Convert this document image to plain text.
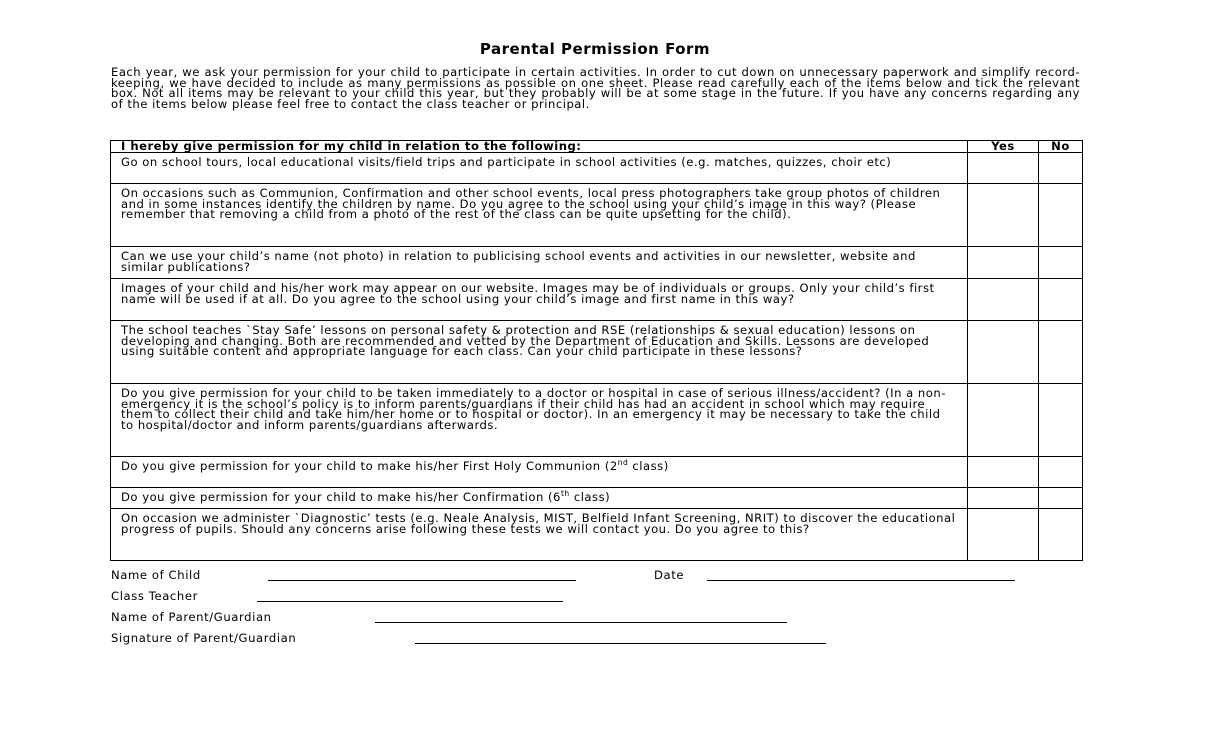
Parental Permission Form
Each year, we ask your permission for your child to participate in certain activities. In order to cut down on unnecessary paperwork and simplify record-keeping, we have decided to include as many permissions as possible on one sheet. Please read carefully each of the items below and tick the relevant box. Not all items may be relevant to your child this year, but they probably will be at some stage in the future. If you have any concerns regarding any of the items below please feel free to contact the class teacher or principal.
I hereby give permission for my child in relation to the following:	Yes	No
Go on school tours, local educational visits/field trips and participate in school activities (e.g. matches, quizzes, choir etc)		
On occasions such as Communion, Confirmation and other school events, local press photographers take group photos of children and in some instances identify the children by name. Do you agree to the school using your child’s image in this way? (Please remember that removing a child from a photo of the rest of the class can be quite upsetting for the child).		
Can we use your child’s name (not photo) in relation to publicising school events and activities in our newsletter, website and similar publications?		
Images of your child and his/her work may appear on our website. Images may be of individuals or groups. Only your child’s first name will be used if at all. Do you agree to the school using your child’s image and first name in this way?		
The school teaches `Stay Safe’ lessons on personal safety & protection and RSE (relationships & sexual education) lessons on developing and changing. Both are recommended and vetted by the Department of Education and Skills. Lessons are developed using suitable content and appropriate language for each class. Can your child participate in these lessons?		
Do you give permission for your child to be taken immediately to a doctor or hospital in case of serious illness/accident? (In a non-emergency it is the school’s policy is to inform parents/guardians if their child has had an accident in school which may require them to collect their child and take him/her home or to hospital or doctor). In an emergency it may be necessary to take the child to hospital/doctor and inform parents/guardians afterwards.		
Do you give permission for your child to make his/her First Holy Communion (2nd class)		
Do you give permission for your child to make his/her Confirmation (6th class)		
On occasion we administer `Diagnostic’ tests (e.g. Neale Analysis, MIST, Belfield Infant Screening, NRIT) to discover the educational progress of pupils. Should any concerns arise following these tests we will contact you. Do you agree to this?		
Name of Child	Date
Class Teacher
Name of Parent/Guardian
Signature of Parent/Guardian
